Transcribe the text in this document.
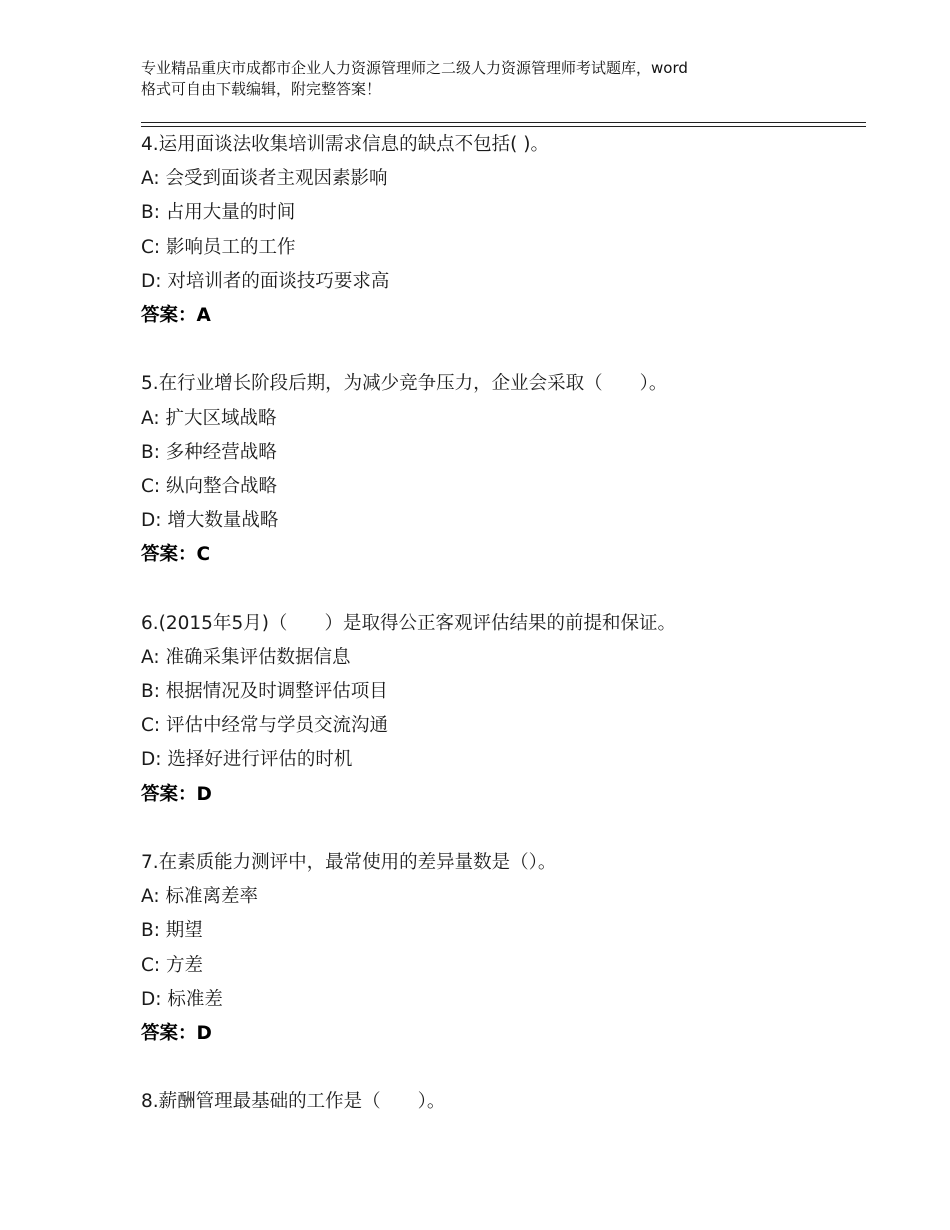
专业精品重庆市成都市企业人力资源管理师之二级人力资源管理师考试题库，word
格式可自由下载编辑，附完整答案！
4.运用面谈法收集培训需求信息的缺点不包括( )。
A: 会受到面谈者主观因素影响
B: 占用大量的时间
C: 影响员工的工作
D: 对培训者的面谈技巧要求高
答案：A
5.在行业增长阶段后期，为减少竞争压力，企业会采取（　　）。
A: 扩大区域战略
B: 多种经营战略
C: 纵向整合战略
D: 增大数量战略
答案：C
6.(2015年5月)（　　）是取得公正客观评估结果的前提和保证。
A: 准确采集评估数据信息
B: 根据情况及时调整评估项目
C: 评估中经常与学员交流沟通
D: 选择好进行评估的时机
答案：D
7.在素质能力测评中，最常使用的差异量数是（）。
A: 标准离差率
B: 期望
C: 方差
D: 标准差
答案：D
8.薪酬管理最基础的工作是（　　）。
